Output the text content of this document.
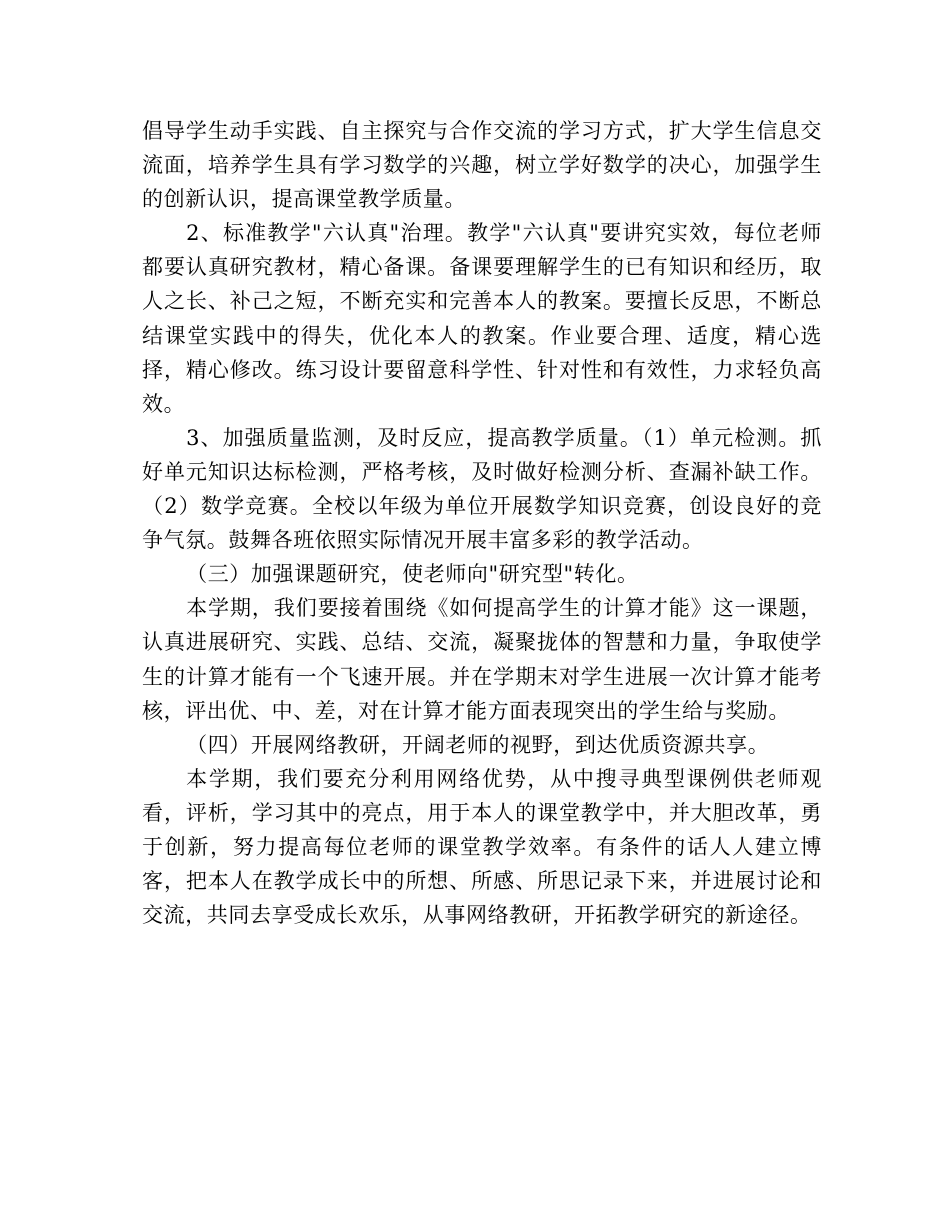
倡导学生动手实践、自主探究与合作交流的学习方式，扩大学生信息交流面，培养学生具有学习数学的兴趣，树立学好数学的决心，加强学生的创新认识，提高课堂教学质量。

2、标准教学"六认真"治理。教学"六认真"要讲究实效，每位老师都要认真研究教材，精心备课。备课要理解学生的已有知识和经历，取人之长、补己之短，不断充实和完善本人的教案。要擅长反思，不断总结课堂实践中的得失，优化本人的教案。作业要合理、适度，精心选择，精心修改。练习设计要留意科学性、针对性和有效性，力求轻负高效。

3、加强质量监测，及时反应，提高教学质量。（1）单元检测。抓好单元知识达标检测，严格考核，及时做好检测分析、查漏补缺工作。（2）数学竞赛。全校以年级为单位开展数学知识竞赛，创设良好的竞争气氛。鼓舞各班依照实际情况开展丰富多彩的教学活动。

（三）加强课题研究，使老师向"研究型"转化。

本学期，我们要接着围绕《如何提高学生的计算才能》这一课题，认真进展研究、实践、总结、交流，凝聚拢体的智慧和力量，争取使学生的计算才能有一个飞速开展。并在学期末对学生进展一次计算才能考核，评出优、中、差，对在计算才能方面表现突出的学生给与奖励。

（四）开展网络教研，开阔老师的视野，到达优质资源共享。

本学期，我们要充分利用网络优势，从中搜寻典型课例供老师观看，评析，学习其中的亮点，用于本人的课堂教学中，并大胆改革，勇于创新，努力提高每位老师的课堂教学效率。有条件的话人人建立博客，把本人在教学成长中的所想、所感、所思记录下来，并进展讨论和交流，共同去享受成长欢乐，从事网络教研，开拓教学研究的新途径。
